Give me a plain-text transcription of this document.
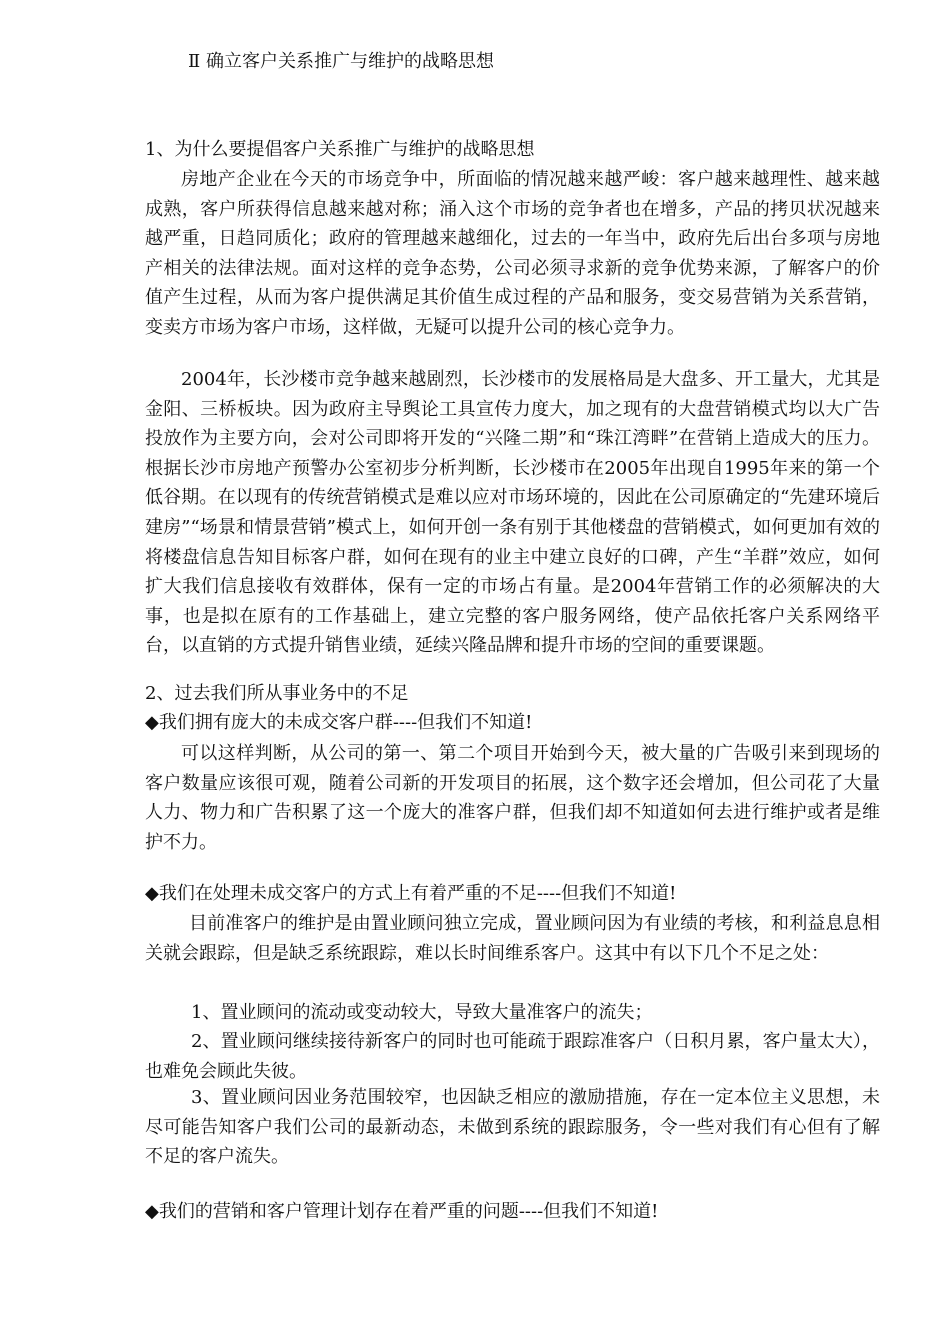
Ⅱ 确立客户关系推广与维护的战略思想
1、为什么要提倡客户关系推广与维护的战略思想
房地产企业在今天的市场竞争中，所面临的情况越来越严峻：客户越来越理性、越来越成熟，客户所获得信息越来越对称；涌入这个市场的竞争者也在增多，产品的拷贝状况越来越严重，日趋同质化；政府的管理越来越细化，过去的一年当中，政府先后出台多项与房地产相关的法律法规。面对这样的竞争态势，公司必须寻求新的竞争优势来源，了解客户的价值产生过程，从而为客户提供满足其价值生成过程的产品和服务，变交易营销为关系营销，变卖方市场为客户市场，这样做，无疑可以提升公司的核心竞争力。
2004年，长沙楼市竞争越来越剧烈，长沙楼市的发展格局是大盘多、开工量大，尤其是金阳、三桥板块。因为政府主导舆论工具宣传力度大，加之现有的大盘营销模式均以大广告投放作为主要方向，会对公司即将开发的“兴隆二期”和“珠江湾畔”在营销上造成大的压力。根据长沙市房地产预警办公室初步分析判断，长沙楼市在2005年出现自1995年来的第一个低谷期。在以现有的传统营销模式是难以应对市场环境的，因此在公司原确定的“先建环境后建房”“场景和情景营销”模式上，如何开创一条有别于其他楼盘的营销模式，如何更加有效的将楼盘信息告知目标客户群，如何在现有的业主中建立良好的口碑，产生“羊群”效应，如何扩大我们信息接收有效群体，保有一定的市场占有量。是2004年营销工作的必须解决的大事，也是拟在原有的工作基础上，建立完整的客户服务网络，使产品依托客户关系网络平台，以直销的方式提升销售业绩，延续兴隆品牌和提升市场的空间的重要课题。
2、过去我们所从事业务中的不足
◆我们拥有庞大的未成交客户群----但我们不知道!
可以这样判断，从公司的第一、第二个项目开始到今天，被大量的广告吸引来到现场的客户数量应该很可观，随着公司新的开发项目的拓展，这个数字还会增加，但公司花了大量人力、物力和广告积累了这一个庞大的准客户群，但我们却不知道如何去进行维护或者是维护不力。
◆我们在处理未成交客户的方式上有着严重的不足----但我们不知道!
目前准客户的维护是由置业顾问独立完成，置业顾问因为有业绩的考核，和利益息息相关就会跟踪，但是缺乏系统跟踪，难以长时间维系客户。这其中有以下几个不足之处：
1、置业顾问的流动或变动较大，导致大量准客户的流失；
2、置业顾问继续接待新客户的同时也可能疏于跟踪准客户（日积月累，客户量太大），也难免会顾此失彼。
3、置业顾问因业务范围较窄，也因缺乏相应的激励措施，存在一定本位主义思想，未尽可能告知客户我们公司的最新动态，未做到系统的跟踪服务，令一些对我们有心但有了解不足的客户流失。
◆我们的营销和客户管理计划存在着严重的问题----但我们不知道!
